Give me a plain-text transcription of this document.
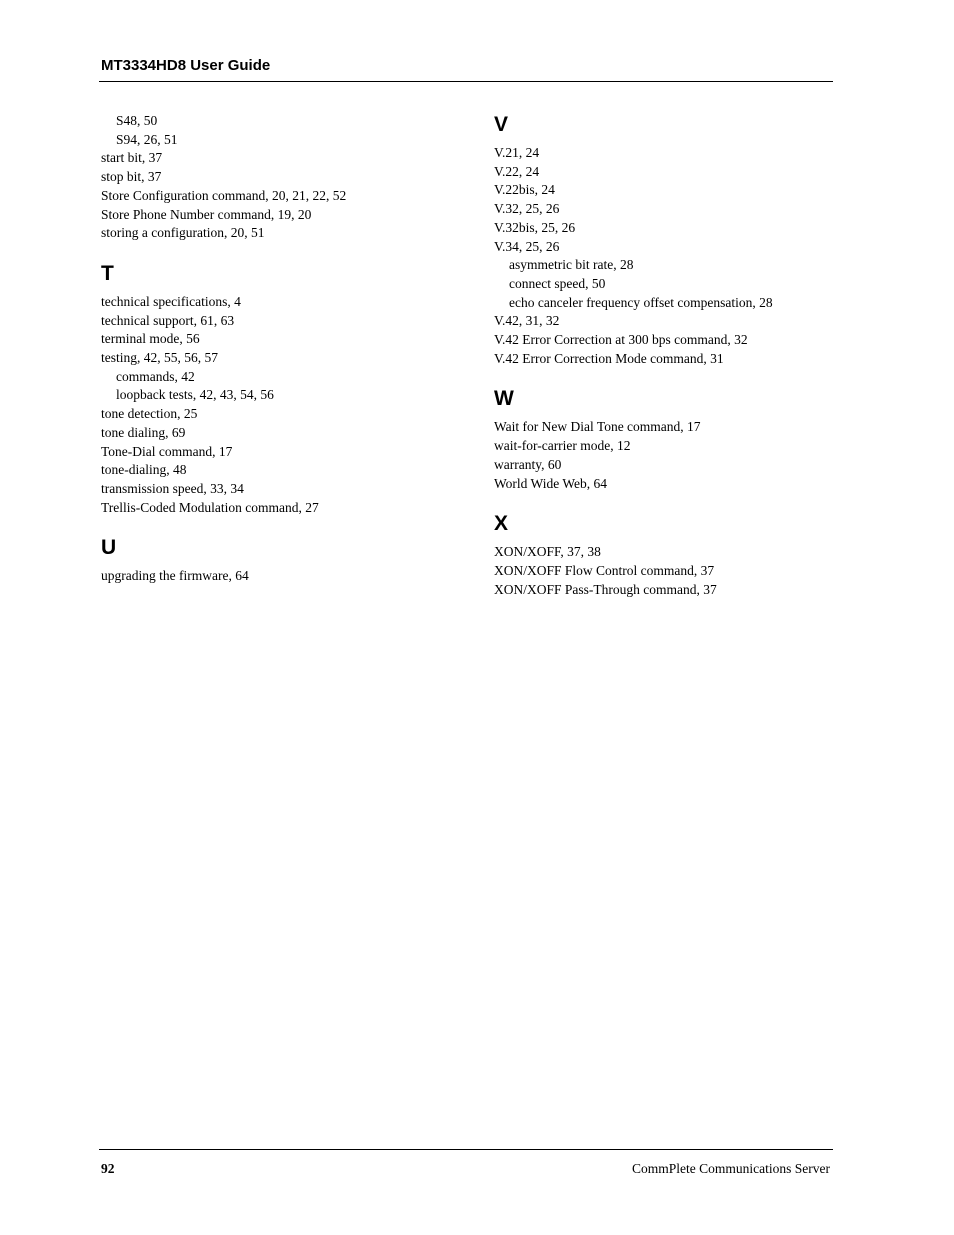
MT3334HD8 User Guide
S48, 50
S94, 26, 51
start bit, 37
stop bit, 37
Store Configuration command, 20, 21, 22, 52
Store Phone Number command, 19, 20
storing a configuration, 20, 51
T
technical specifications, 4
technical support, 61, 63
terminal mode, 56
testing, 42, 55, 56, 57
commands, 42
loopback tests, 42, 43, 54, 56
tone detection, 25
tone dialing, 69
Tone-Dial command, 17
tone-dialing, 48
transmission speed, 33, 34
Trellis-Coded Modulation command, 27
U
upgrading the firmware, 64
V
V.21, 24
V.22, 24
V.22bis, 24
V.32, 25, 26
V.32bis, 25, 26
V.34, 25, 26
asymmetric bit rate, 28
connect speed, 50
echo canceler frequency offset compensation, 28
V.42, 31, 32
V.42 Error Correction at 300 bps command, 32
V.42 Error Correction Mode command, 31
W
Wait for New Dial Tone command, 17
wait-for-carrier mode, 12
warranty, 60
World Wide Web, 64
X
XON/XOFF, 37, 38
XON/XOFF Flow Control command, 37
XON/XOFF Pass-Through command, 37
92	CommPlete Communications Server
